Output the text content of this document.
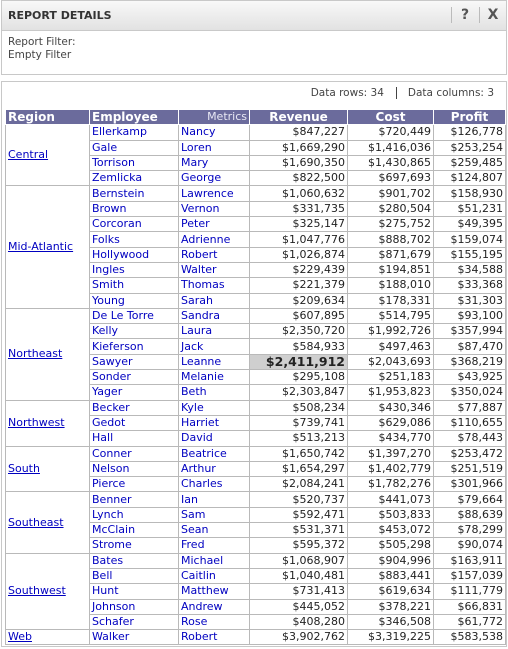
REPORT DETAILS	?	X
Report Filter:
Empty Filter
Data rows: 34 Data columns: 3
Region	Employee	Metrics	Revenue	Cost	Profit
Central	Ellerkamp	Nancy	$847,227	$720,449	$126,778
	Gale	Loren	$1,669,290	$1,416,036	$253,254
	Torrison	Mary	$1,690,350	$1,430,865	$259,485
	Zemlicka	George	$822,500	$697,693	$124,807
Mid-Atlantic	Bernstein	Lawrence	$1,060,632	$901,702	$158,930
	Brown	Vernon	$331,735	$280,504	$51,231
	Corcoran	Peter	$325,147	$275,752	$49,395
	Folks	Adrienne	$1,047,776	$888,702	$159,074
	Hollywood	Robert	$1,026,874	$871,679	$155,195
	Ingles	Walter	$229,439	$194,851	$34,588
	Smith	Thomas	$221,379	$188,010	$33,368
	Young	Sarah	$209,634	$178,331	$31,303
Northeast	De Le Torre	Sandra	$607,895	$514,795	$93,100
	Kelly	Laura	$2,350,720	$1,992,726	$357,994
	Kieferson	Jack	$584,933	$497,463	$87,470
	Sawyer	Leanne	$2,411,912	$2,043,693	$368,219
	Sonder	Melanie	$295,108	$251,183	$43,925
	Yager	Beth	$2,303,847	$1,953,823	$350,024
Northwest	Becker	Kyle	$508,234	$430,346	$77,887
	Gedot	Harriet	$739,741	$629,086	$110,655
	Hall	David	$513,213	$434,770	$78,443
South	Conner	Beatrice	$1,650,742	$1,397,270	$253,472
	Nelson	Arthur	$1,654,297	$1,402,779	$251,519
	Pierce	Charles	$2,084,241	$1,782,276	$301,966
Southeast	Benner	Ian	$520,737	$441,073	$79,664
	Lynch	Sam	$592,471	$503,833	$88,639
	McClain	Sean	$531,371	$453,072	$78,299
	Strome	Fred	$595,372	$505,298	$90,074
Southwest	Bates	Michael	$1,068,907	$904,996	$163,911
	Bell	Caitlin	$1,040,481	$883,441	$157,039
	Hunt	Matthew	$731,413	$619,634	$111,779
	Johnson	Andrew	$445,052	$378,221	$66,831
	Schafer	Rose	$408,280	$346,508	$61,772
Web	Walker	Robert	$3,902,762	$3,319,225	$583,538
